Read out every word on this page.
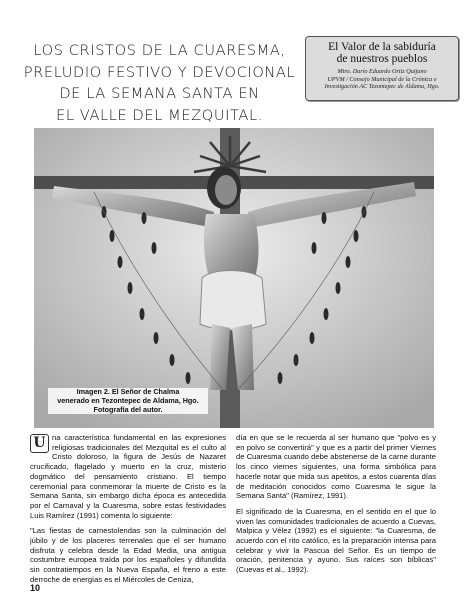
LOS CRISTOS DE LA CUARESMA,
PRELUDIO FESTIVO Y DEVOCIONAL
DE LA SEMANA SANTA EN
EL VALLE DEL MEZQUITAL.
El Valor de la sabiduría
de nuestros pueblos
Mtro. Darío Eduardo Ortiz Quijano
UPVM / Consejo Municipal de la Crónica e
Investigación AC Tezontepec de Aldama, Hgo.
Imagen 2. El Señor de Chalma
venerado en Tezontepec de Aldama, Hgo.
Fotografía del autor.

U na característica fundamental en las expresiones religiosas tradicionales del Mezquital es el culto al Cristo doloroso, la figura de Jesús de Nazaret crucificado, flagelado y muerto en la cruz, misterio dogmático del pensamiento cristiano. El tiempo ceremonial para conmemorar la muerte de Cristo es la Semana Santa, sin embargo dicha época es antecedida por el Carnaval y la Cuaresma, sobre estas festividades Luis Ramírez (1991) comenta lo siguiente:

"Las fiestas de carnestolendas son la culminación del júbilo y de los placeres terrenales que el ser humano disfruta y celebra desde la Edad Media, una antigua costumbre europea traída por los españoles y difundida sin contratiempos en la Nueva España, el freno a este derroche de energías es el Miércoles de Ceniza,

día en que se le recuerda al ser humano que "polvo es y en polvo se convertirá" y que es a partir del primer Viernes de Cuaresma cuando debe abstenerse de la carne durante los cinco viernes siguientes, una forma simbólica para hacerle notar que mida sus apetitos, a estos cuarenta días de meditación conocidos como Cuaresma le sigue la Semana Santa" (Ramírez, 1991).

El significado de la Cuaresma, en el sentido en el que lo viven las comunidades tradicionales de acuerdo a Cuevas, Malpica y Vélez (1992) es el siguiente: "la Cuaresma, de acuerdo con el rito católico, es la preparación intensa para celebrar y vivir la Pascua del Señor. Es un tiempo de oración, penitencia y ayuno. Sus raíces son bíblicas" (Cuevas et al., 1992).

10
